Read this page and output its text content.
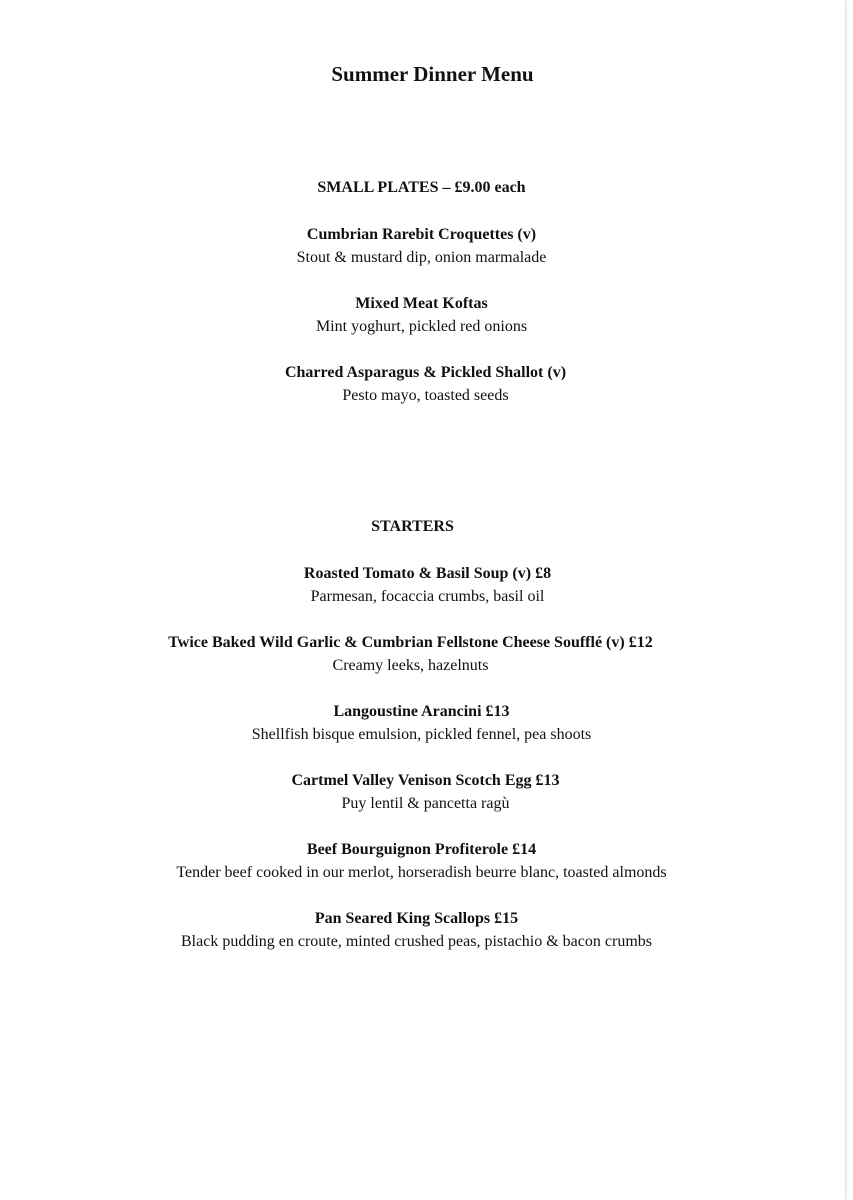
Summer Dinner Menu
SMALL PLATES – £9.00 each
Cumbrian Rarebit Croquettes (v)
Stout & mustard dip, onion marmalade
Mixed Meat Koftas
Mint yoghurt, pickled red onions
Charred Asparagus & Pickled Shallot (v)
Pesto mayo, toasted seeds
STARTERS
Roasted Tomato & Basil Soup (v) £8
Parmesan, focaccia crumbs, basil oil
Twice Baked Wild Garlic & Cumbrian Fellstone Cheese Soufflé (v) £12
Creamy leeks, hazelnuts
Langoustine Arancini £13
Shellfish bisque emulsion, pickled fennel, pea shoots
Cartmel Valley Venison Scotch Egg £13
Puy lentil & pancetta ragù
Beef Bourguignon Profiterole £14
Tender beef cooked in our merlot, horseradish beurre blanc, toasted almonds
Pan Seared King Scallops £15
Black pudding en croute, minted crushed peas, pistachio & bacon crumbs
